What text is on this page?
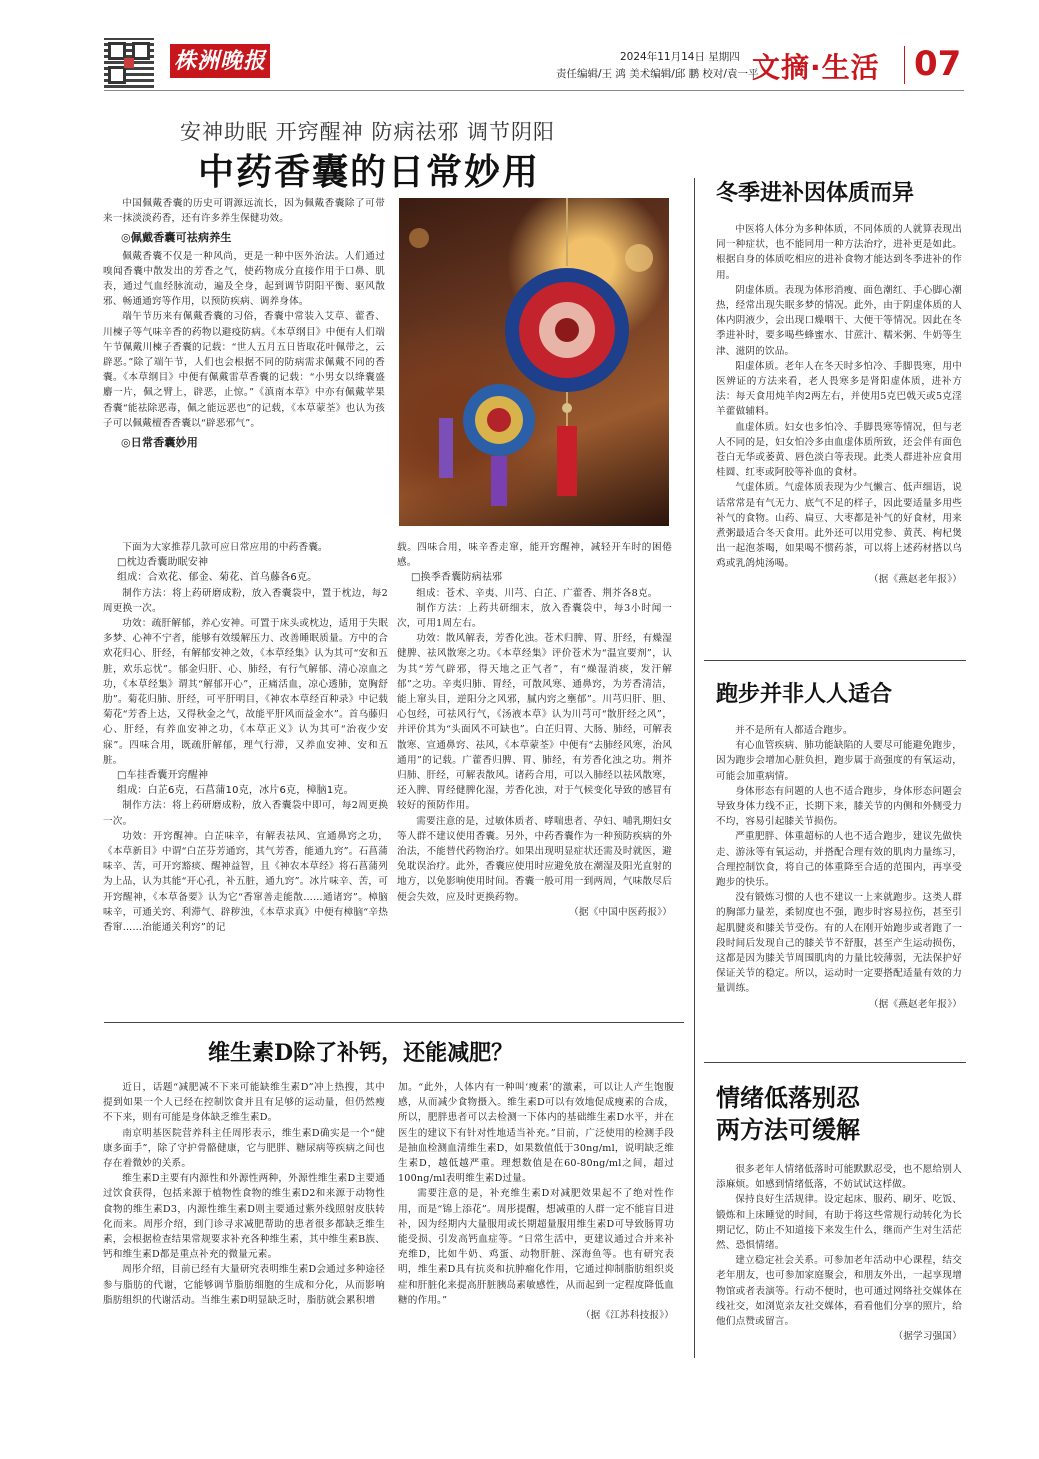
株洲晚报	2024年11月14日 星期四
责任编辑/王 鸿 美术编辑/邱 鹏 校对/袁一平
文摘·生活 07
安神助眠 开窍醒神 防病祛邪 调节阴阳
中药香囊的日常妙用

中国佩戴香囊的历史可谓源远流长，因为佩戴香囊除了可带来一抹淡淡药香，还有许多养生保健功效。

◎佩戴香囊可祛病养生

佩戴香囊不仅是一种风尚，更是一种中医外治法。人们通过嗅闻香囊中散发出的芳香之气，使药物成分直接作用于口鼻、肌表，通过气血经脉流动，遍及全身，起到调节阴阳平衡、驱风散邪、畅通通窍等作用，以预防疾病、调养身体。

端午节历来有佩戴香囊的习俗，香囊中常装入艾草、藿香、川楝子等气味辛香的药物以避疫防病。《本草纲目》中便有人们端午节佩戴川楝子香囊的记载：“世人五月五日皆取花叶佩带之，云辟恶。”除了端午节，人们也会根据不同的防病需求佩戴不同的香囊。《本草纲目》中便有佩戴雷草香囊的记载：“小男女以绛囊盛麝一片，佩之臂上，辟恶，止惊。”《滇南本草》中亦有佩戴苹果香囊“能祛除恶毒，佩之能远恶也”的记载，《本草蒙荃》也认为孩子可以佩戴檀香香囊以“辟恶邪气”。

◎日常香囊妙用

下面为大家推荐几款可应日常应用的中药香囊。

□枕边香囊助眠安神

组成：合欢花、郁金、菊花、首乌藤各6克。

制作方法：将上药研磨成粉，放入香囊袋中，置于枕边，每2周更换一次。

功效：疏肝解郁，养心安神。可置于床头或枕边，适用于失眠多梦、心神不宁者，能够有效缓解压力、改善睡眠质量。方中的合欢花归心、肝经，有解郁安神之效，《本草经集》认为其可“安和五脏，欢乐忘忧”。郁金归肝、心、肺经，有行气解郁、清心凉血之功，《本草经集》谓其“解郁开心”，正痛活血，凉心透肺，宽胸舒肋”。菊花归肺、肝经，可平肝明目，《神农本草经百种录》中记载菊花“芳香上达，又得秋金之气，故能平肝风而益金水”。首乌藤归心、肝经，有养血安神之功，《本草正义》认为其可“治夜少安寐”。四味合用，既疏肝解郁，理气行滞，又养血安神、安和五脏。

□车挂香囊开窍醒神

组成：白芷6克，石菖蒲10克，冰片6克，樟脑1克。

制作方法：将上药研磨成粉，放入香囊袋中即可，每2周更换一次。

功效：开窍醒神。白芷味辛，有解表祛风、宣通鼻窍之功，《本草新目》中谓“白芷芬芳通窍，其气芳香，能通九窍”。石菖蒲味辛、苦，可开窍豁痰、醒神益智，且《神农本草经》将石菖蒲列为上品，认为其能“开心孔，补五脏，通九窍”。冰片味辛、苦，可开窍醒神，《本草备要》认为它“香窜善走能散……通诸窍”。樟脑味辛，可通关窍、利滞气、辟秽浊，《本草求真》中便有樟脑“辛热香窜……治能通关利窍”的记

载。四味合用，味辛香走窜，能开窍醒神，减轻开车时的困倦感。

□换季香囊防病祛邪

组成：苍术、辛夷、川芎、白芷、广藿香、荆芥各8克。

制作方法：上药共研细末，放入香囊袋中，每3小时闻一次，可用1周左右。

功效：散风解表，芳香化浊。苍术归脾、胃、肝经，有燥湿健脾、祛风散寒之功。《本草经集》评价苍术为“温宣要剂”，认为其“芳气辟邪，得天地之正气者”，有“燥湿消痰，发汗解郁”之功。辛夷归肺、胃经，可散风寒、通鼻窍，为芳香清洁，能上窜头目，逆阳分之风邪，腻内窍之壅郁”。川芎归肝、胆、心包经，可祛风行气，《汤液本草》认为川芎可“散肝经之风”，并评价其为“头面风不可缺也”。白芷归胃、大肠、肺经，可解表散寒、宣通鼻窍、祛风，《本草蒙荃》中便有“去肺经风寒，治风通用”的记载。广藿香归脾、胃、肺经，有芳香化浊之功。荆芥归肺、肝经，可解表散风。诸药合用，可以入肺经以祛风散寒，还入脾、胃经健脾化湿，芳香化浊，对于气候变化导致的感冒有较好的预防作用。

需要注意的是，过敏体质者、哮喘患者、孕妇、哺乳期妇女等人群不建议使用香囊。另外，中药香囊作为一种预防疾病的外治法，不能替代药物治疗。如果出现明显症状还需及时就医，避免耽误治疗。此外，香囊应使用时应避免放在潮湿及阳光直射的地方，以免影响使用时间。香囊一般可用一到两周，气味散尽后便会失效，应及时更换药物。

（据《中国中医药报》）

冬季进补因体质而异

中医将人体分为多种体质，不同体质的人就算表现出同一种症状，也不能同用一种方法治疗，进补更是如此。根据自身的体质吃相应的进补食物才能达到冬季进补的作用。

阴虚体质。表现为体形消瘦、面色潮红、手心脚心潮热，经常出现失眠多梦的情况。此外，由于阴虚体质的人体内阴液少，会出现口燥咽干、大便干等情况。因此在冬季进补时，要多喝些蜂蜜水、甘蔗汁、糯米粥、牛奶等生津、滋阴的饮品。

阳虚体质。老年人在冬天时多怕冷、手脚畏寒，用中医辨证的方法来看，老人畏寒多是肾阳虚体质，进补方法：每天食用炖羊肉2两左右，并使用5克巴戟天或5克淫羊藿做辅料。

血虚体质。妇女也多怕冷、手脚畏寒等情况，但与老人不同的是，妇女怕冷多由血虚体质所致，还会伴有面色苍白无华或萎黄、唇色淡白等表现。此类人群进补应食用桂圆、红枣或阿胶等补血的食材。

气虚体质。气虚体质表现为少气懒言、低声细语，说话常常是有气无力、底气不足的样子，因此要适量多用些补气的食物。山药、扁豆、大枣都是补气的好食材，用来煮粥最适合冬天食用。此外还可以用党参、黄芪、枸杞煲出一起泡茶喝，如果喝不惯药茶，可以将上述药材搭以乌鸡或乳鸽炖汤喝。

（据《燕赵老年报》）

跑步并非人人适合

并不是所有人都适合跑步。

有心血管疾病、肺功能缺陷的人要尽可能避免跑步，因为跑步会增加心脏负担，跑步属于高强度的有氧运动，可能会加重病情。

身体形态有问题的人也不适合跑步，身体形态问题会导致身体力线不正，长期下来，膝关节的内侧和外侧受力不均，容易引起膝关节损伤。

严重肥胖、体重超标的人也不适合跑步，建议先做快走、游泳等有氧运动，并搭配合理有效的肌肉力量练习，合理控制饮食，将自己的体重降至合适的范围内，再享受跑步的快乐。

没有锻炼习惯的人也不建议一上来就跑步。这类人群的胸部力量差，柔韧度也不强，跑步时容易拉伤，甚至引起肌腱炎和膝关节受伤。有的人在刚开始跑步或者跑了一段时间后发现自己的膝关节不舒服，甚至产生运动损伤，这都是因为膝关节周围肌肉的力量比较薄弱，无法保护好保证关节的稳定。所以，运动时一定要搭配适量有效的力量训练。

（据《燕赵老年报》）

情绪低落别忍
两方法可缓解

很多老年人情绪低落时可能默默忍受，也不愿给别人添麻烦。如感到情绪低落，不妨试试这样做。

保持良好生活规律。设定起床、服药、刷牙、吃饭、锻炼和上床睡觉的时间，有助于将这些常规行动转化为长期记忆，防止不知道接下来发生什么，继而产生对生活茫然、恐惧情绪。

建立稳定社会关系。可参加老年活动中心课程，结交老年朋友，也可参加家庭聚会，和朋友外出，一起享现增物馆或者表演等。行动不便时，也可通过网络社交媒体在线社交，如浏览亲友社交媒体，看看他们分享的照片，给他们点赞或留言。

（据学习强国）

维生素D除了补钙，还能减肥？

近日，话题“减肥减不下来可能缺维生素D”冲上热搜，其中提到如果一个人已经在控制饮食并且有足够的运动量，但仍然瘦不下来，则有可能是身体缺乏维生素D。

南京明基医院营养科主任周彤表示，维生素D确实是一个“健康多面手”，除了守护骨骼健康，它与肥胖、糖尿病等疾病之间也存在着微妙的关系。

维生素D主要有内源性和外源性两种，外源性维生素D主要通过饮食获得，包括来源于植物性食物的维生素D2和来源于动物性食物的维生素D3，内源性维生素D则主要通过紫外线照射皮肤转化而来。周彤介绍，到门诊寻求减肥帮助的患者很多都缺乏维生素，会根据检查结果常规要求补充各种维生素，其中维生素B族、钙和维生素D都是重点补充的微量元素。

周彤介绍，目前已经有大量研究表明维生素D会通过多种途径参与脂肪的代谢，它能够调节脂肪细胞的生成和分化，从而影响脂肪组织的代谢活动。当维生素D明显缺乏时，脂肪就会累积增

加。“此外，人体内有一种叫‘瘦素’的激素，可以让人产生饱腹感，从而减少食物摄入。维生素D可以有效地促成瘦素的合成，所以，肥胖患者可以去检测一下体内的基础维生素D水平，并在医生的建议下有针对性地适当补充。”目前，广泛使用的检测手段是抽血检测血清维生素D，如果数值低于30ng/ml，说明缺乏维生素D，越低越严重。理想数值是在60-80ng/ml之间，超过100ng/ml表明维生素D过量。

需要注意的是，补充维生素D对减肥效果起不了绝对性作用，而是“锦上添花”。周彤提醒，想减重的人群一定不能盲目进补，因为经期内大量服用或长期超量服用维生素D可导致肠胃功能受损、引发高钙血症等。“日常生活中，更建议通过合并来补充维D，比如牛奶、鸡蛋、动物肝脏、深海鱼等。也有研究表明，维生素D具有抗炎和抗肿瘤化作用，它通过抑制脂肪组织炎症和肝脏化来提高肝脏胰岛素敏感性，从而起到一定程度降低血糖的作用。”

（据《江苏科技报》）
